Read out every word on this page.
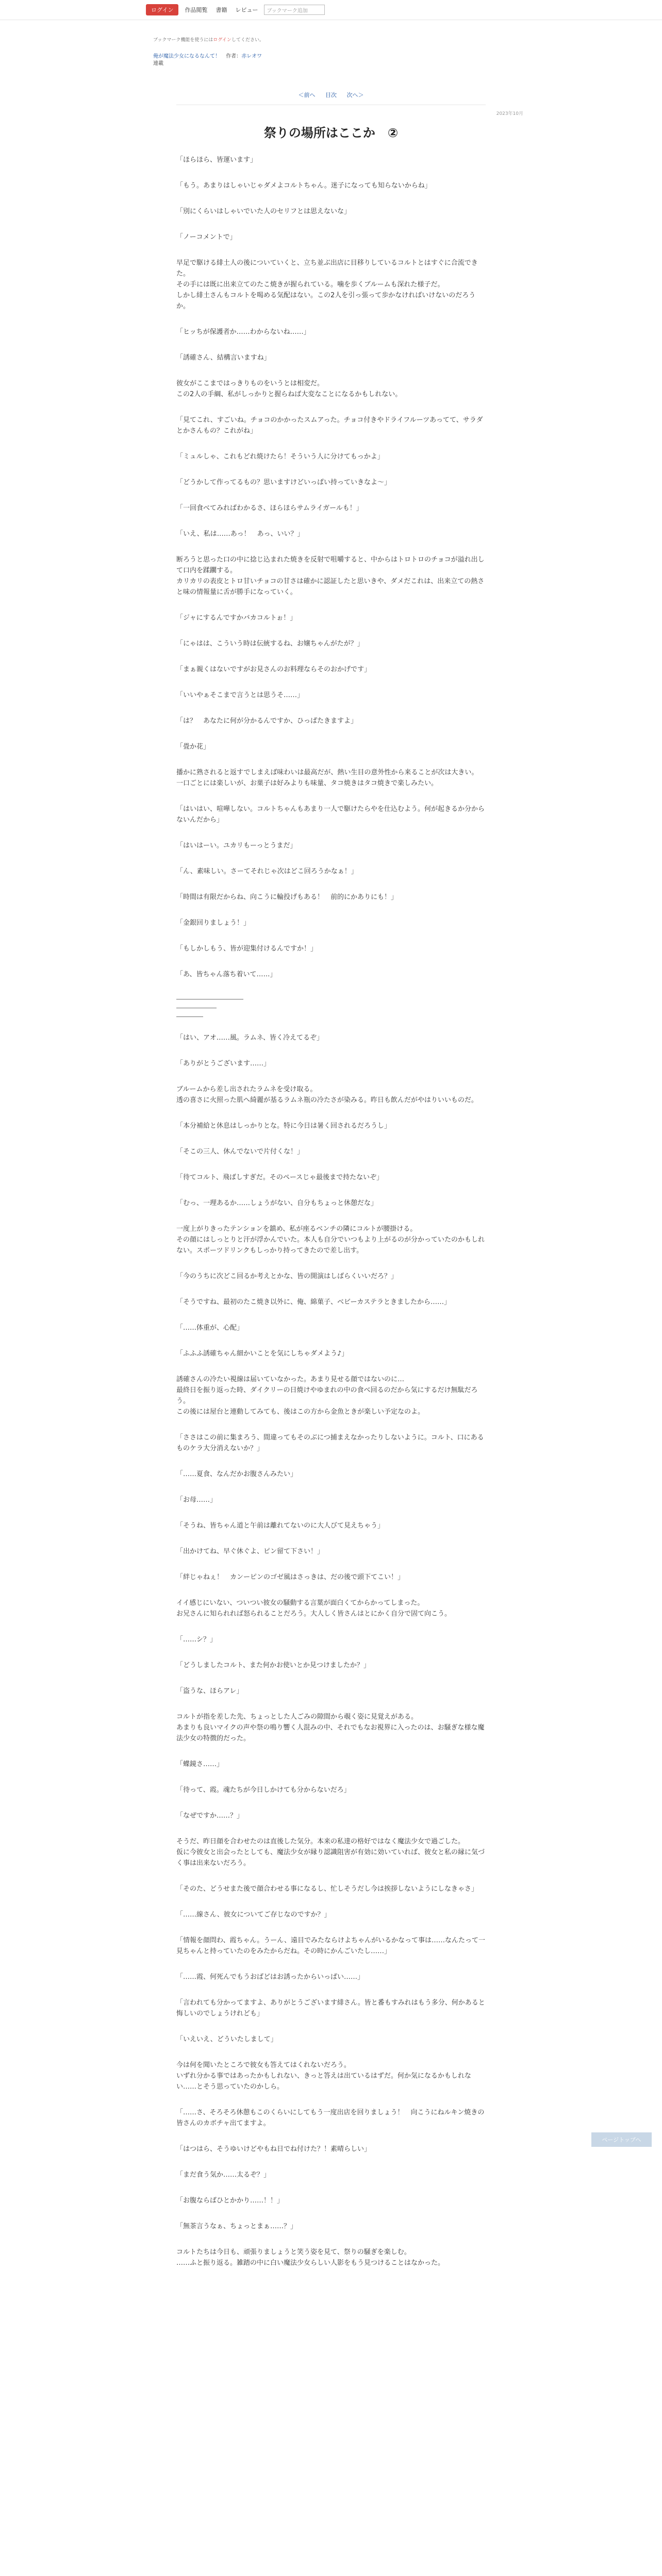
ログイン	作品閲覧	書籍	レビュー	ブックマーク追加
ブックマーク機能を使うにはログインしてください。
俺が魔法少女になるなんて！ 作者：赤レオワ
連載
＜前へ 目次 次へ＞
2023年10月
祭りの場所はここか　②

「ほらほら、皆運います」

「もう。あまりはしゃいじゃダメよコルトちゃん。迷子になっても知らないからね」

「別にくらいはしゃいでいた人のセリフとは思えないな」

「ノーコメントで」

早足で駆ける緋土人の後についていくと、立ち並ぶ出店に目移りしているコルトとはすぐに合流できた。
その手には既に出来立てのたこ焼きが握られている。噛を歩くブルームも深れた様子だ。
しかし緋土さんもコルトを喝める気配はない。この2人を引っ張って歩かなければいけないのだろうか。

「ヒッちが保護者か……わからないね……」

「誘確さん、結構言いますね」

彼女がここまではっきりものをいうとは相変だ。
この2人の手綱、私がしっかりと握らねば大変なことになるかもしれない。

「見てこれ、すごいね。チョコのかかったスムアった。チョコ付きやドライフルーツあってて、サラダとかさんもの？これがね」

「ミュルしゃ、これもどれ焼けたら！そういう人に分けてもっかよ」

「どうかして作ってるもの？思いますけどいっぱい持っていきなよ〜」

「一回食べてみればわかるさ、ほらほらサムライガールも！」

「いえ、私は……あっ！　あっ、いい？」

断ろうと思った口の中に捻じ込まれた焼きを反射で咀嚼すると、中からはトロトロのチョコが溢れ出して口内を蹂躙する。
カリカリの表皮とトロ甘いチョコの甘さは確かに認証したと思いきや、ダメだこれは、出来立ての熱さと味の情報量に舌が勝手になっていく。

「ジャにするんですかバカコルトぉ！」

「にゃはは、こういう時は伝統するね、お嬢ちゃんがたが？」

「まぁ親くはないですがお見さんのお料理ならそのおかげです」

「いいやぁそこまで言うとは思うそ……」

「は？　あなたに何が分かるんですか、ひっぱたきますよ」

「畳か花」

播かに熟されると返すでしまえば味わいは最高だが、熱い生目の意外性から来ることが次は大きい。
一口ごとには楽しいが、お菓子は好みよりも味量、タコ焼きはタコ焼きで楽しみたい。

「はいはい、喧嘩しない。コルトちゃんもあまり一人で駆けたらやを仕込むよう。何が起きるか分からないんだから」

「はいはーい。ユカリもーっとうまだ」

「ん、素味しい。さーてそれじゃ次はどこ回ろうかなぁ！」

「時間は有限だからね、向こうに輪投げもある！　前的にかありにも！」

「金銀回りましょう！」

「もしかしもう、皆が迎集付けるんですか！」

「あ、皆ちゃん落ち着いて……」

――――――――――
――――――
――――

「はい、アオ……風。ラムネ、皆く冷えてるぞ」

「ありがとうございます……」

ブルームから差し出されたラムネを受け取る。
透の喜さに火照った肌へ綺麗が基るラムネ瓶の冷たさが染みる。昨日も飲んだがやはりいいものだ。

「本分補給と休息はしっかりとな。特に今日は暑く回されるだろうし」

「そこの三人、休んでないで片付くな！」

「待てコルト、飛ばしすぎだ。そのペースじゃ最後まで持たないぞ」

「むっ、一理あるか……しょうがない、自分もちょっと休憩だな」

一度上がりきったテンションを鎮め、私が座るベンチの隣にコルトが腰掛ける。
その顔にはしっとりと汗が浮かんでいた。本人も自分でいつもより上がるのが分かっていたのかもしれない。スポーツドリンクもしっかり持ってきたので差し出す。

「今のうちに次どこ回るか考えとかな、皆の開演はしばらくいいだろ？」

「そうですね、最初のたこ焼き以外に、俺、綿菓子、ベビーカステラときましたから……」

「……体重が、心配」

「ふふふ誘確ちゃん細かいことを気にしちゃダメよう♪」

誘確さんの冷たい視線は届いていなかった。あまり見せる顔ではないのに…
最終日を振り返った時、ダイクリーの日焼けやゆまれの中の食べ回るのだから気にするだけ無駄だろう。
この後には屋台と連動してみても、後はこの方から金魚ときが楽しい予定なのよ。

「ささはこの前に集まろう、間違ってもそのぶにつ捕まえなかったりしないように。コルト、口にあるものケラ大分消えないか？」

「……夏食、なんだかお腹さんみたい」

「お母……」

「そうね、皆ちゃん道と午前は離れてないのに大人びて見えちゃう」

「出かけてね、早ぐ休ぐよ、ピン留て下さい！」

「絆じゃねぇ！　カンーピンのゴゼ風はさっきは、だの後で頭下てこい！」

イイ感じにいない、ついつい彼女の騒動する言葉が面白くてからかってしまった。
お兄さんに知られれば怒られることだろう。大人しく皆さんはとにかく自分で固て向こう。

「……シ？」

「どうしましたコルト、また何かお使いとか見つけましたか？」

「盗うな、ほらアレ」

コルトが指を差した先、ちょっとした人ごみの隙間から覗く姿に見覚えがある。
あまりも良いマイクの声や祭の鳴り響く人混みの中、それでもなお視界に入ったのは、お騒ぎな様な魔法少女の特徴的だった。

「蝶鏡さ……」

「待って、霞。魂たちが今日しかけても分からないだろ」

「なぜですか……？」

そうだ、昨日顔を合わせたのは直後した気分。本来の私達の格好ではなく魔法少女で過ごした。
仮に今彼女と出会ったとしても、魔法少女が縁り認識阻害が有効に効いていれば、彼女と私の縁に気づく事は出来ないだろう。

「そのた、どうせまた後で顔合わせる事になるし、忙しそうだし今は挨拶しないようにしなきゃさ」

「……線さん、彼女についてご存じなのですか？」

「情報を顔問わ、霞ちゃん。うーん、遠目でみたならけよちゃんがいるかなって事は……なんたって一見ちゃんと持っていたのをみたからだね。その時にかんごいたし……」

「……霞、何死んでもうおばどはお誘ったからいっぱい……」

「言われても分かってますよ、ありがとうございます緋さん。皆と番もすみれはもう多分、何かあると悔しいのでしょうけれども」

「いえいえ、どういたしまして」

今は何を聞いたところで彼女も答えてはくれないだろう。
いずれ分かる事ではあったかもしれない、きっと答えは出ているはずだ。何か気になるかもしれない……とそう思っていたのかしら。

「……さ、そろそろ休憩もこのくらいにしてもう一度出店を回りましょう！　向こうにねルキン焼きの皆さんのカボチャ出てますよ。

「はつはら、そうゆいけどやもね日でね付けた？！素晴らしい」

「まだ食う気か……太るぞ？」

「お腹ならばひとかかり……！！」

「無茶言うなぁ、ちょっとまぁ……？」

コルトたちは今日も、頑張りましょうと笑う姿を見て、祭りの騒ぎを楽しむ。
……ふと振り返る。雑踏の中に白い魔法少女らしい人影をもう見つけることはなかった。

ページトップへ
